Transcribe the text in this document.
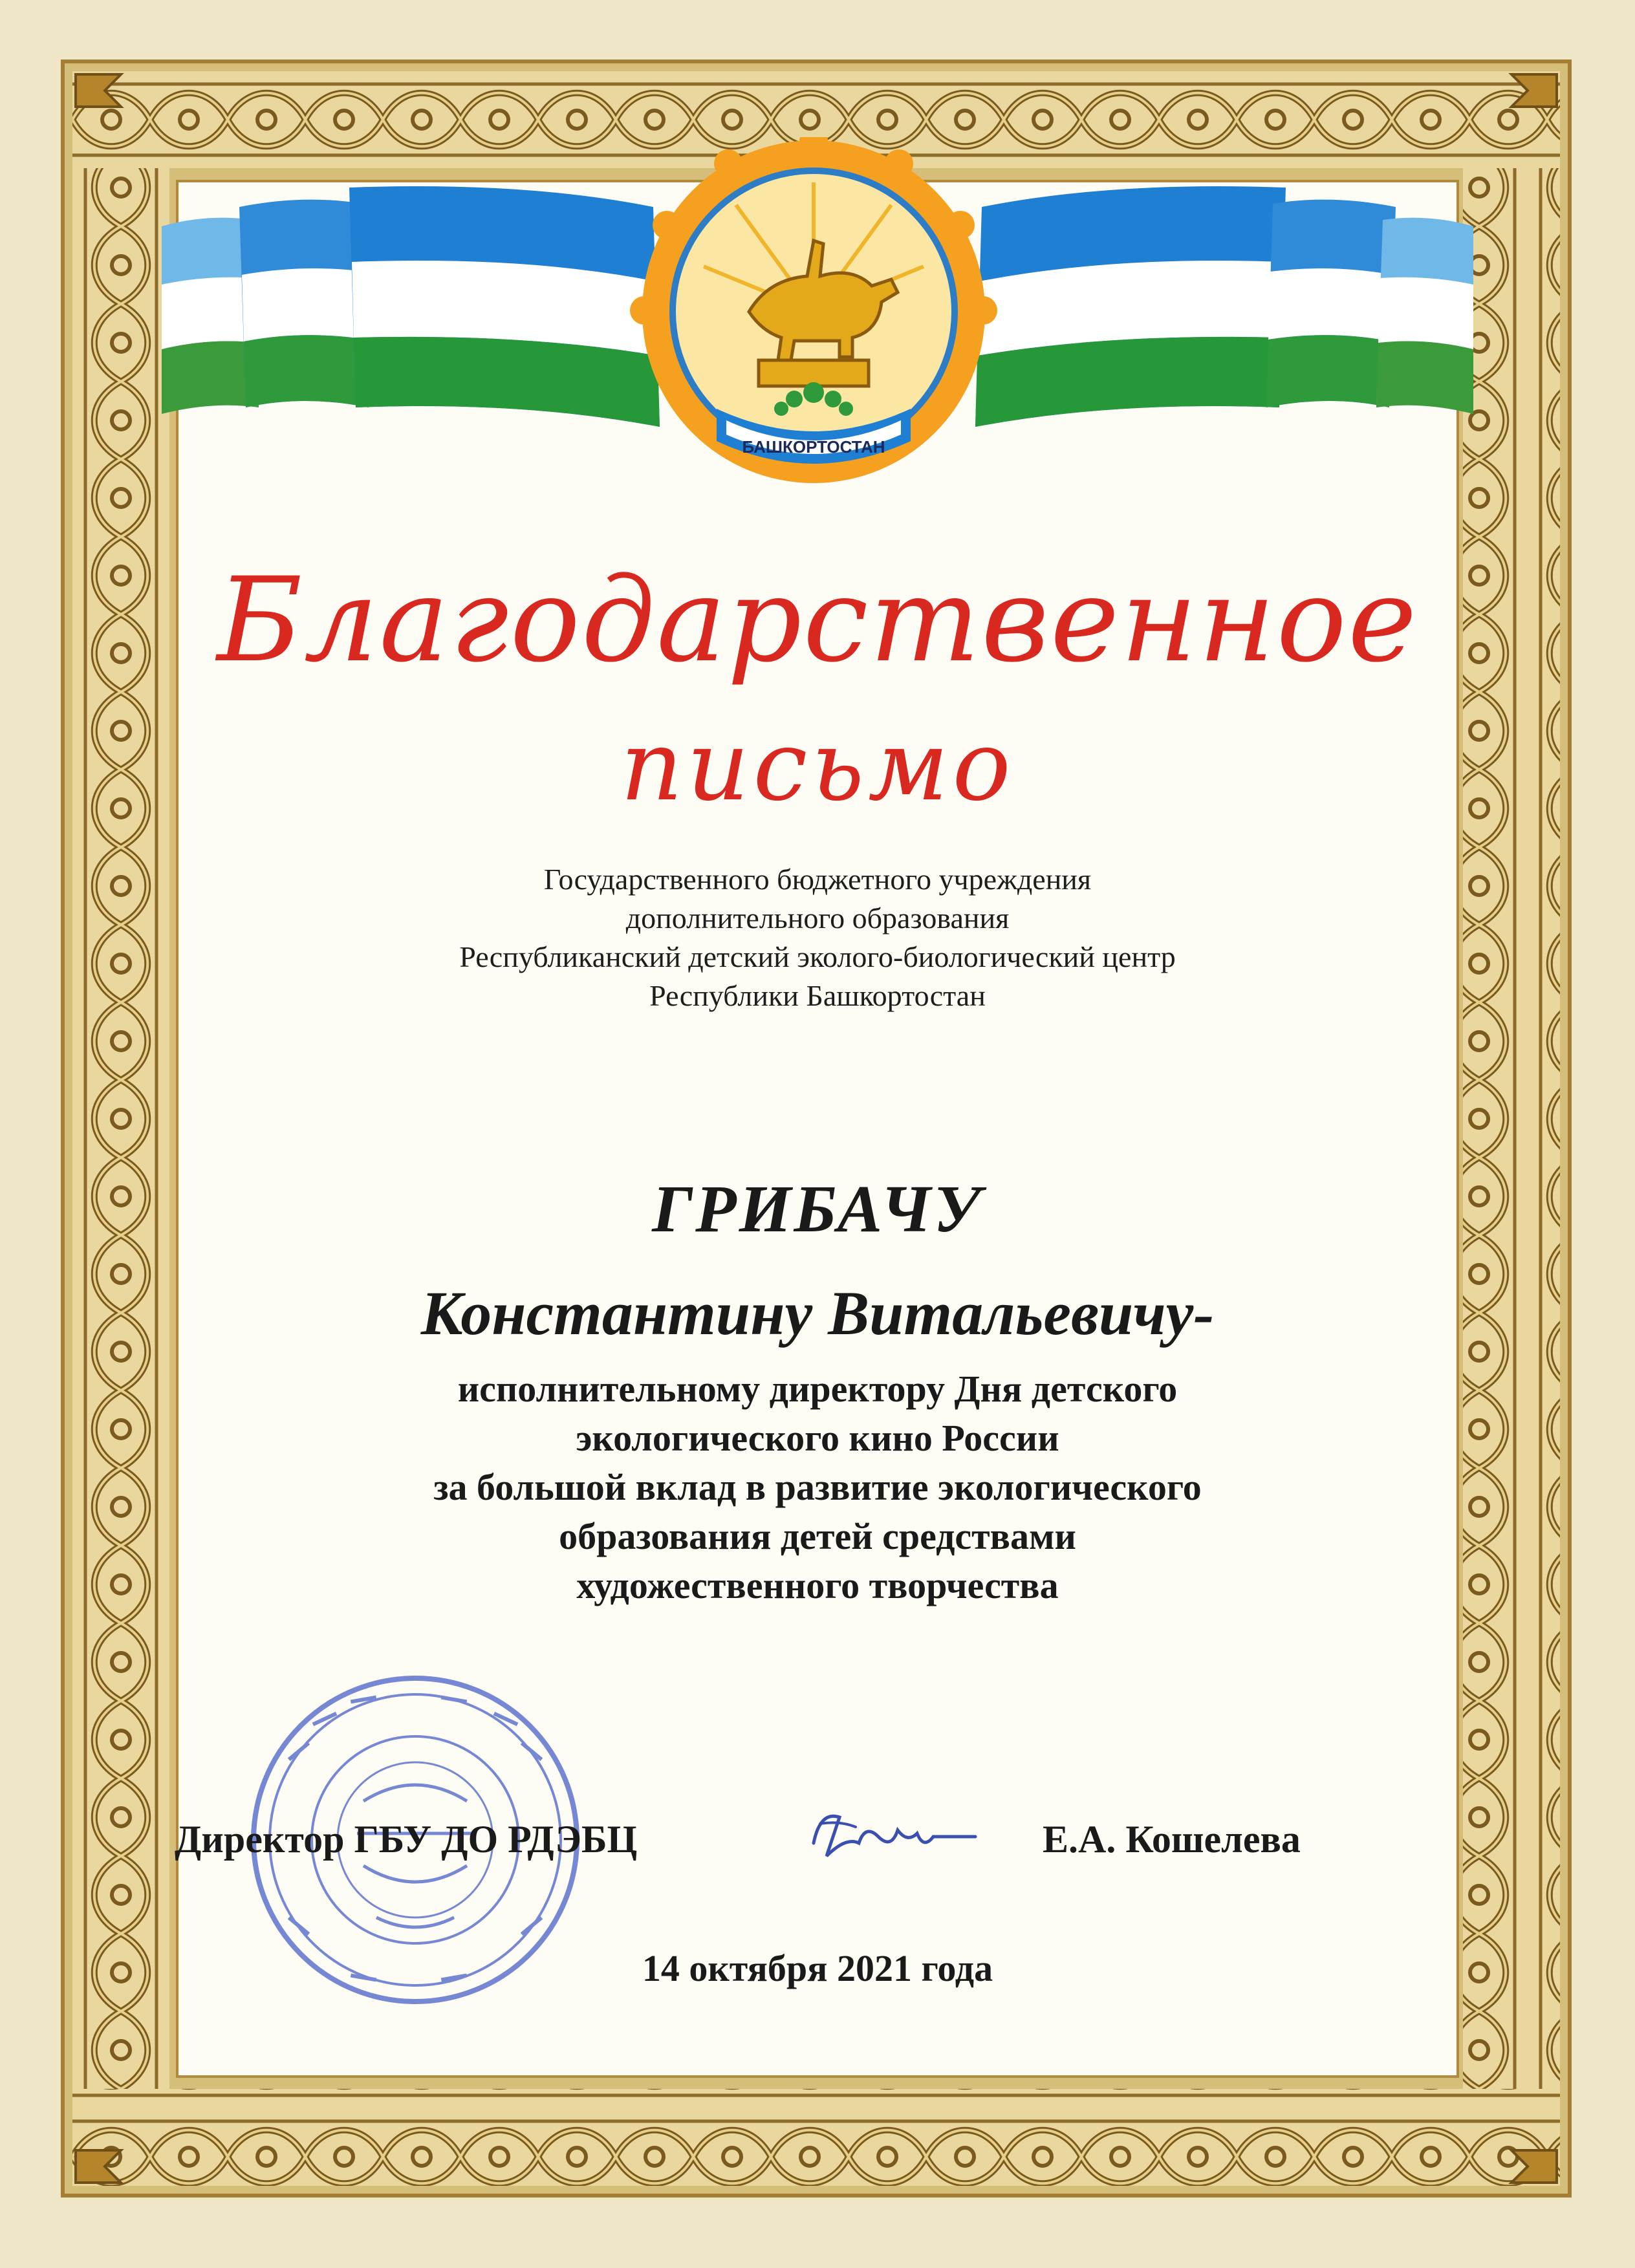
БАШКОРТОСТАН
Благодарственное
письмо
Государственного бюджетного учреждения
дополнительного образования
Республиканский детский эколого-биологический центр
Республики Башкортостан
ГРИБАЧУ
Константину Витальевичу-
исполнительному директору Дня детского
экологического кино России
за большой вклад в развитие экологического
образования детей средствами
художественного творчества
Директор ГБУ ДО РДЭБЦ	Е.А. Кошелева
14 октября 2021 года
